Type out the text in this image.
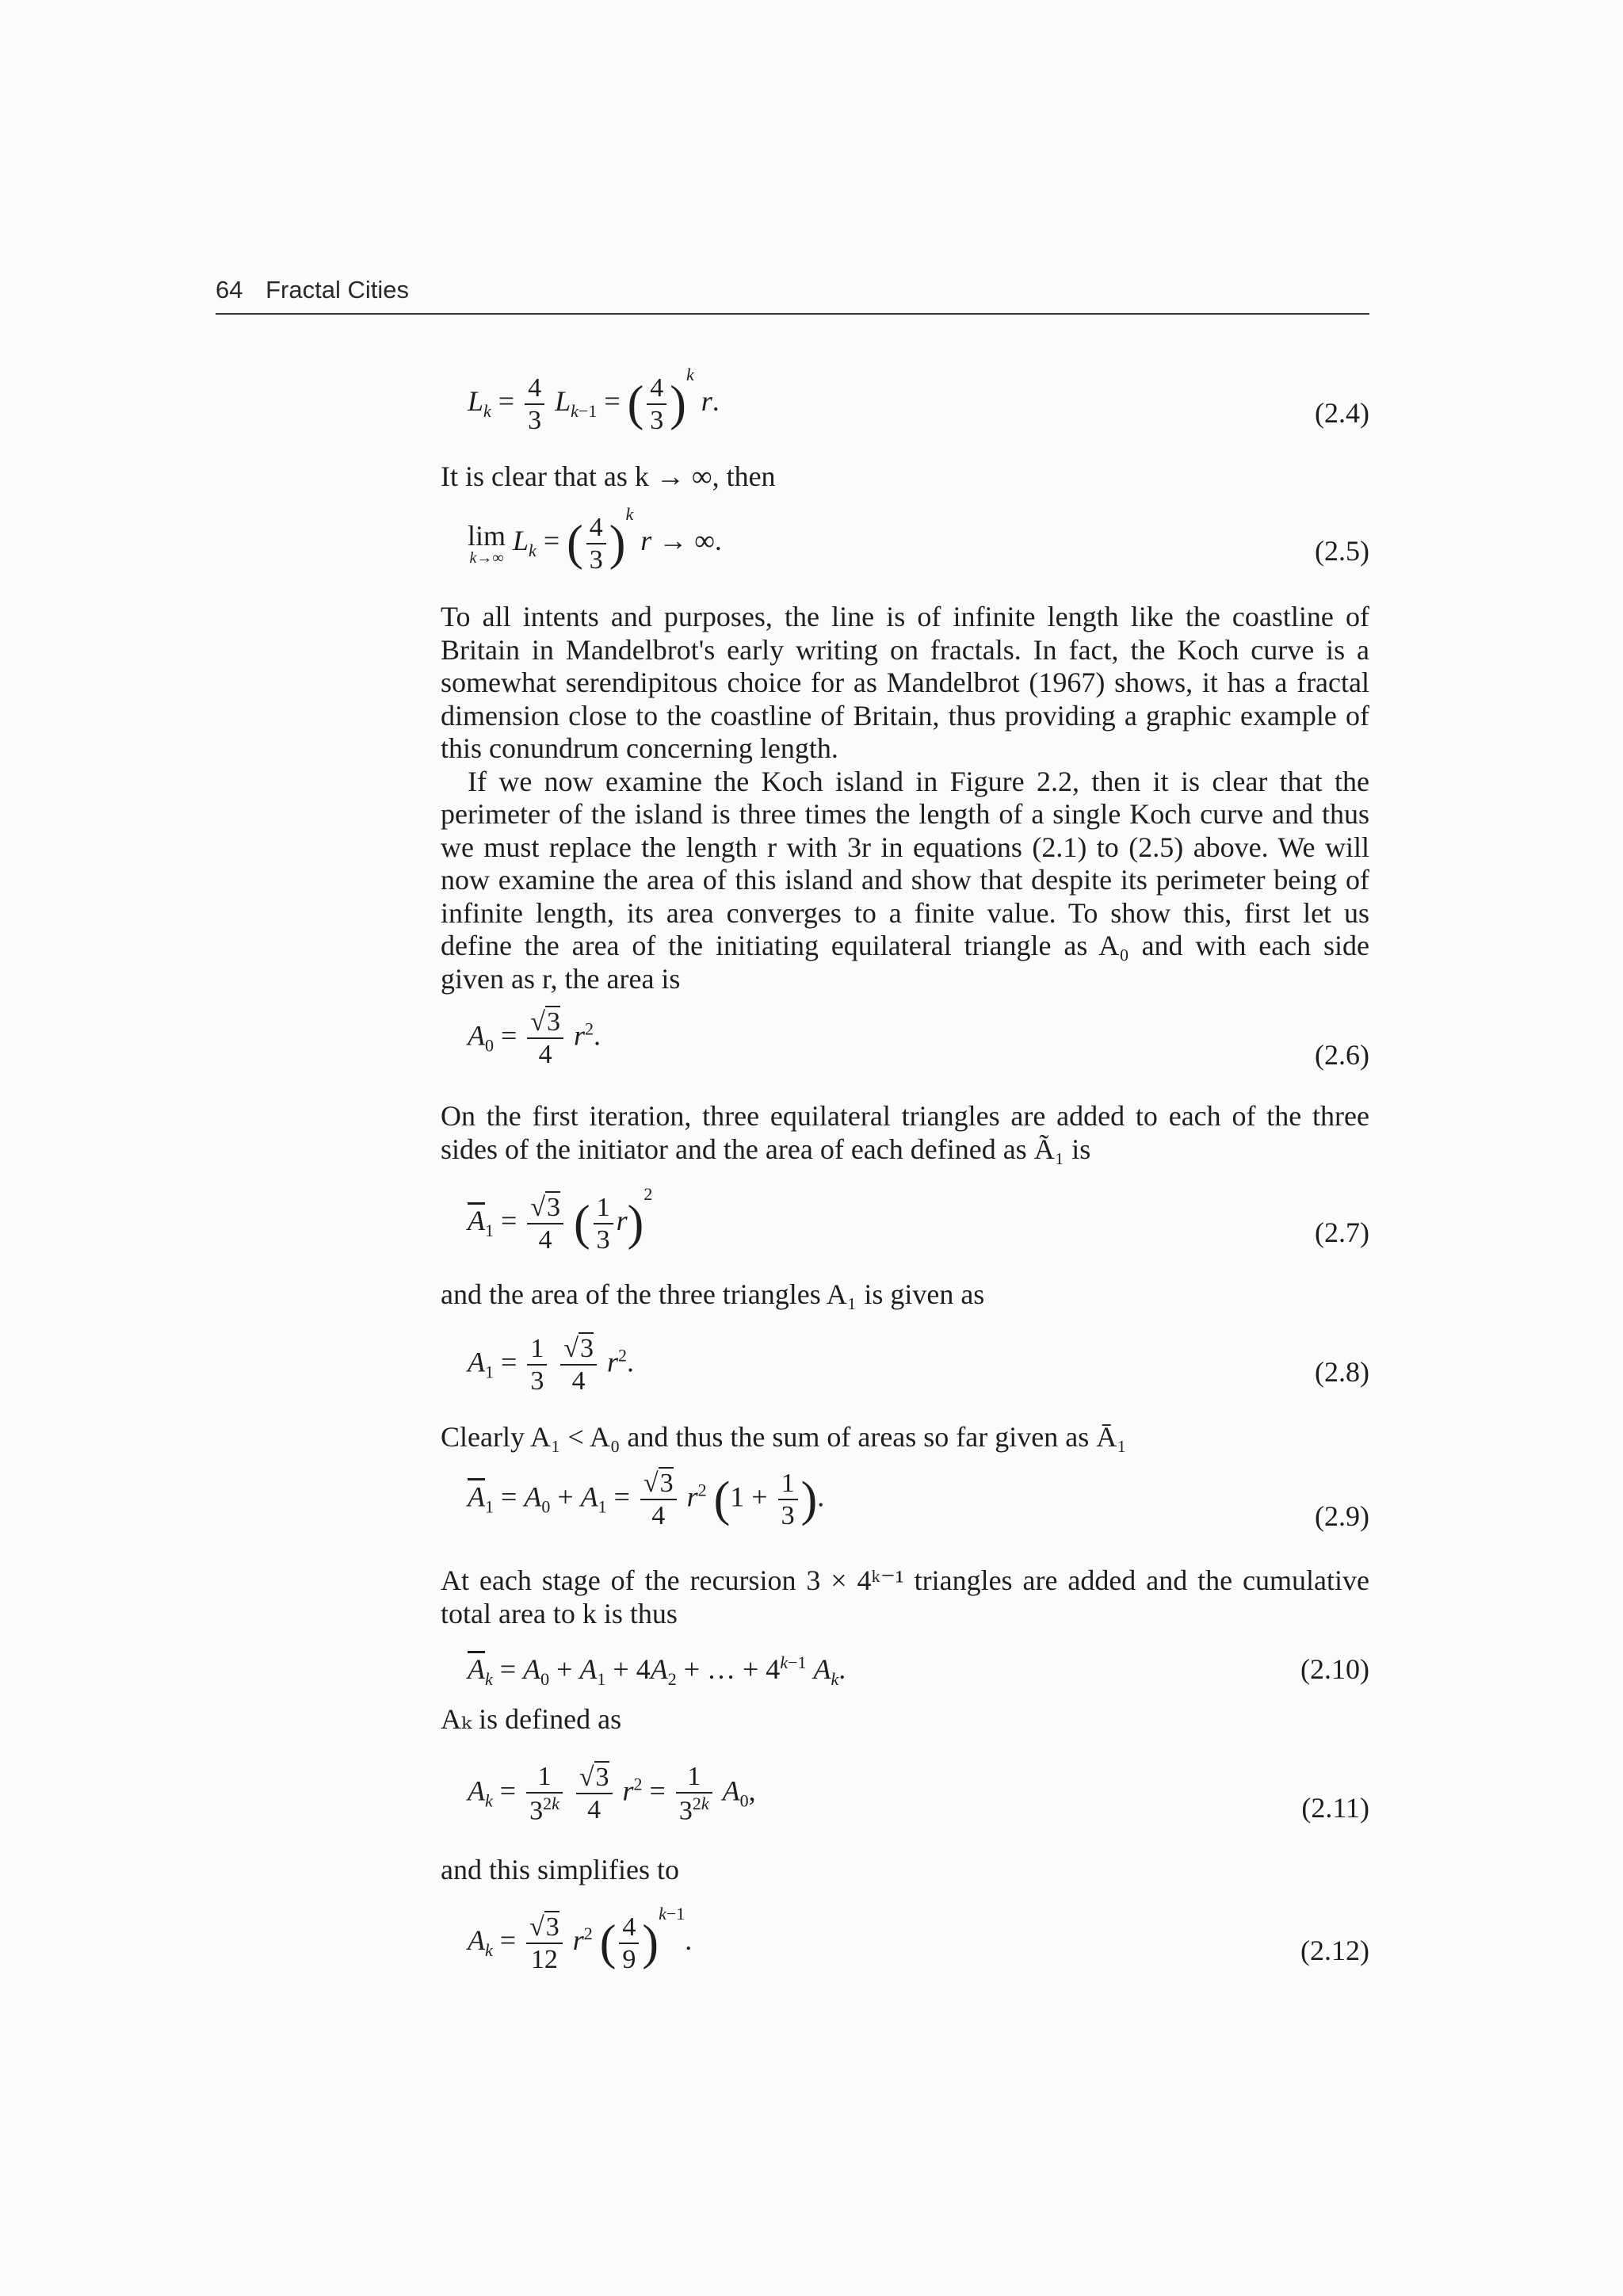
64 Fractal Cities
$L_k = \frac{4}{3} L_{k-1}$ = ( $\frac{4}{3} )^k$ r.	(2.4)
It is clear that as k → ∞, then
lim
k→∞
$L_k$ = ( $\frac{4}{3} )^k$ r → ∞.	(2.5)

To all intents and purposes, the line is of infinite length like the coastline of Britain in Mandelbrot's early writing on fractals. In fact, the Koch curve is a somewhat serendipitous choice for as Mandelbrot (1967) shows, it has a fractal dimension close to the coastline of Britain, thus providing a graphic example of this conundrum concerning length.

If we now examine the Koch island in Figure 2.2, then it is clear that the perimeter of the island is three times the length of a single Koch curve and thus we must replace the length r with 3r in equations (2.1) to (2.5) above. We will now examine the area of this island and show that despite its perimeter being of infinite length, its area converges to a finite value. To show this, first let us define the area of the initiating equilateral triangle as A₀ and with each side given as r, the area is

$A_0 = \frac{√3}{4} r^2$.
(2.6)

On the first iteration, three equilateral triangles are added to each of the three sides of the initiator and the area of each defined as Ã₁ is

$\overline{A}_1 = \frac{√3}{4}$ ( $\frac{1}{3} r)^2$
(2.7)
and the area of the three triangles A₁ is given as
$A_1 = \frac{1}{3}$
$\frac{√3}{4} r^2$.	(2.8)
Clearly A₁ < A₀ and thus the sum of areas so far given as Ā₁
$\overline{A}_1 = A_0 + A_1 = \frac{√3}{4} r^2$ ($1 + \frac{1}{3}$ ).
(2.9)

At each stage of the recursion 3 × 4ᵏ⁻¹ triangles are added and the cumulative total area to k is thus

$\overline{A}_k = A_0 + A_1 + 4A_2$ + … + $4^{k-1}$ $A_k$.	(2.10)
Aₖ is defined as
$A_k = \frac{1}{3^{2k}}$
$\frac{√3}{4} r^2 = \frac{1}{3^{2k}} A_0$,
(2.11)
and this simplifies to
$A_k = \frac{√3}{12} r^2$ ( $\frac{4}{9} )^{k-1}$.	(2.12)
